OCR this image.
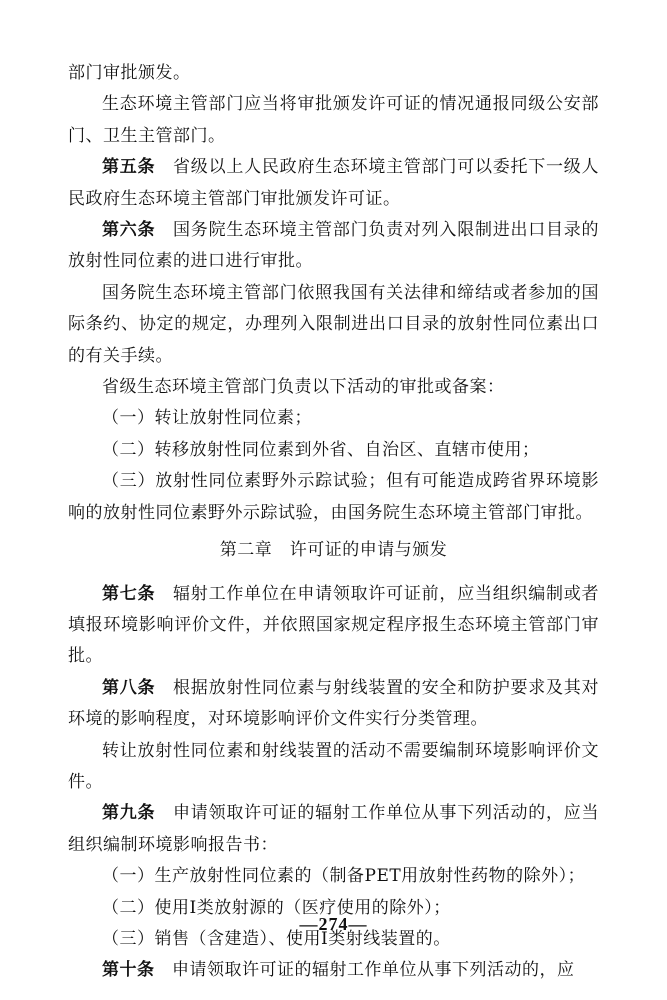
部门审批颁发。

生态环境主管部门应当将审批颁发许可证的情况通报同级公安部门、卫生主管部门。

第五条　 省级以上人民政府生态环境主管部门可以委托下一级人民政府生态环境主管部门审批颁发许可证。

第六条　 国务院生态环境主管部门负责对列入限制进出口目录的放射性同位素的进口进行审批。

国务院生态环境主管部门依照我国有关法律和缔结或者参加的国际条约、协定的规定，办理列入限制进出口目录的放射性同位素出口的有关手续。

省级生态环境主管部门负责以下活动的审批或备案：

（一）转让放射性同位素；

（二）转移放射性同位素到外省、自治区、直辖市使用；

（三）放射性同位素野外示踪试验；但有可能造成跨省界环境影响的放射性同位素野外示踪试验，由国务院生态环境主管部门审批。

第二章　许可证的申请与颁发

第七条　 辐射工作单位在申请领取许可证前，应当组织编制或者填报环境影响评价文件，并依照国家规定程序报生态环境主管部门审批。

第八条　 根据放射性同位素与射线装置的安全和防护要求及其对环境的影响程度，对环境影响评价文件实行分类管理。

转让放射性同位素和射线装置的活动不需要编制环境影响评价文件。

第九条　 申请领取许可证的辐射工作单位从事下列活动的，应当组织编制环境影响报告书：

（一）生产放射性同位素的（制备PET用放射性药物的除外）；

（二）使用Ⅰ类放射源的（医疗使用的除外）；

（三）销售（含建造）、使用Ⅰ类射线装置的。

第十条　 申请领取许可证的辐射工作单位从事下列活动的，应

—274—
